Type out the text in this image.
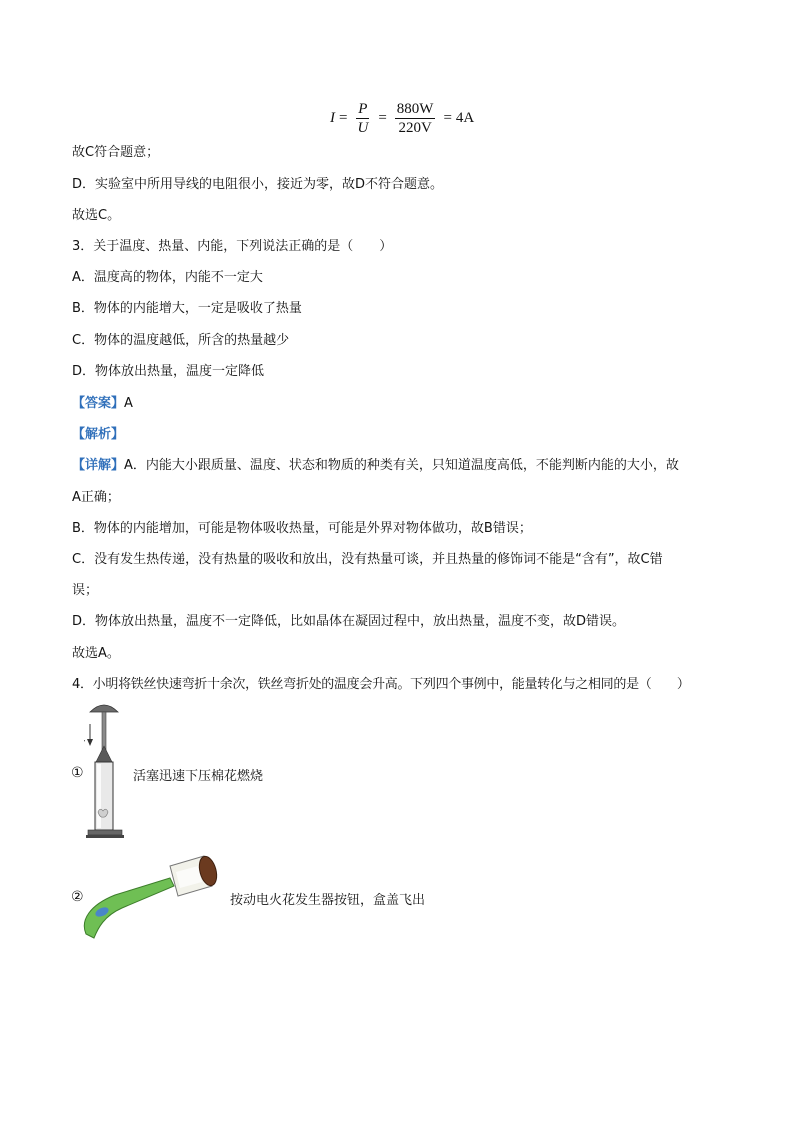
$I = \frac{P}{U} = \frac{880W}{220V} = 4A$
故C符合题意；
D．实验室中所用导线的电阻很小，接近为零，故D不符合题意。
故选C。
3．关于温度、热量、内能，下列说法正确的是（　　）
A．温度高的物体，内能不一定大
B．物体的内能增大，一定是吸收了热量
C．物体的温度越低，所含的热量越少
D．物体放出热量，温度一定降低
【答案】A
【解析】
【详解】A．内能大小跟质量、温度、状态和物质的种类有关，只知道温度高低，不能判断内能的大小，故
A正确；
B．物体的内能增加，可能是物体吸收热量，可能是外界对物体做功，故B错误；
C．没有发生热传递，没有热量的吸收和放出，没有热量可谈，并且热量的修饰词不能是“含有”，故C错
误；
D．物体放出热量，温度不一定降低，比如晶体在凝固过程中，放出热量，温度不变，故D错误。
故选A。
4．小明将铁丝快速弯折十余次，铁丝弯折处的温度会升高。下列四个事例中，能量转化与之相同的是（　　）
①	活塞迅速下压棉花燃烧
②	按动电火花发生器按钮，盒盖飞出
